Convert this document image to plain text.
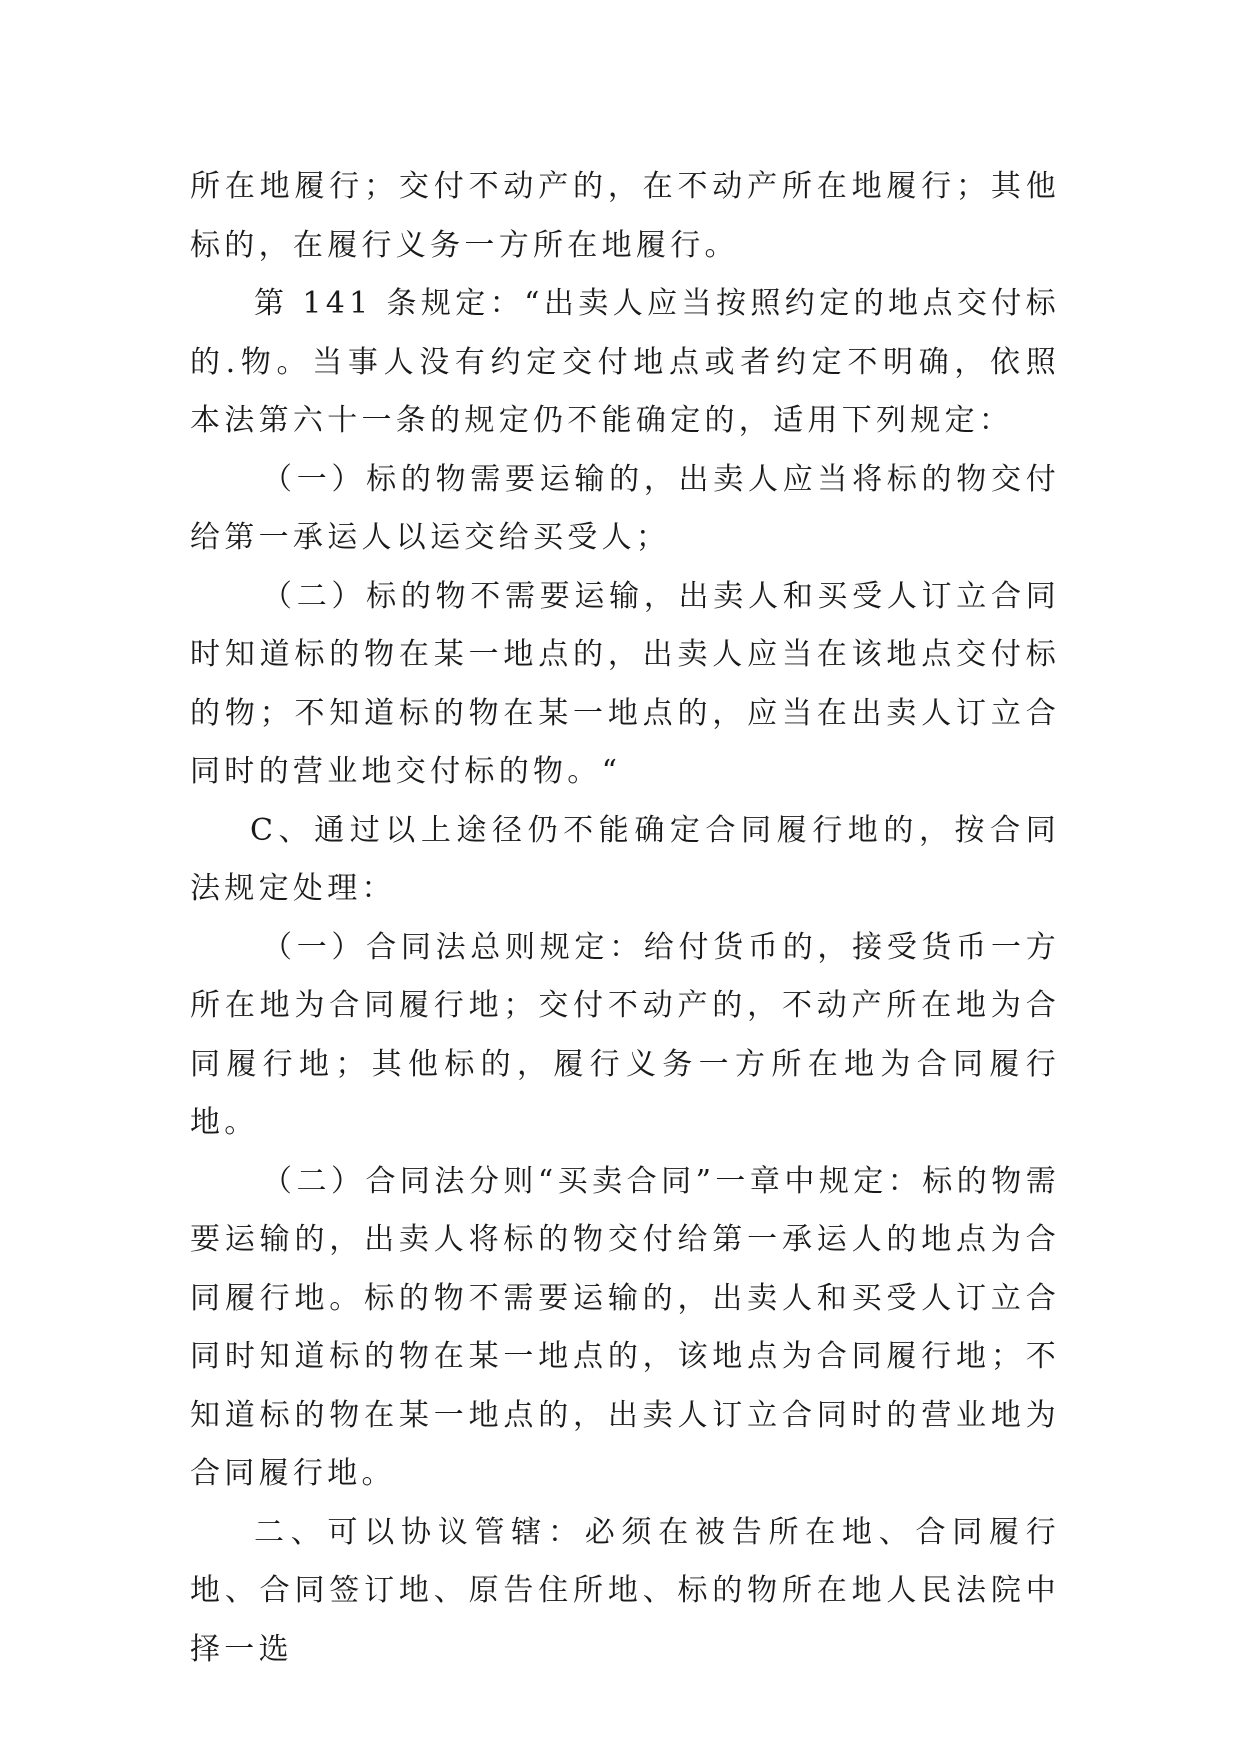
所在地履行；交付不动产的，在不动产所在地履行；其他标的，在履行义务一方所在地履行。

第 141 条规定：“出卖人应当按照约定的地点交付标的.物。当事人没有约定交付地点或者约定不明确，依照本法第六十一条的规定仍不能确定的，适用下列规定：

（一）标的物需要运输的，出卖人应当将标的物交付给第一承运人以运交给买受人；

（二）标的物不需要运输，出卖人和买受人订立合同时知道标的物在某一地点的，出卖人应当在该地点交付标的物；不知道标的物在某一地点的，应当在出卖人订立合同时的营业地交付标的物。“

C、通过以上途径仍不能确定合同履行地的，按合同法规定处理：

（一）合同法总则规定：给付货币的，接受货币一方所在地为合同履行地；交付不动产的，不动产所在地为合同履行地；其他标的，履行义务一方所在地为合同履行地。

（二）合同法分则“买卖合同”一章中规定：标的物需要运输的，出卖人将标的物交付给第一承运人的地点为合同履行地。标的物不需要运输的，出卖人和买受人订立合同时知道标的物在某一地点的，该地点为合同履行地；不知道标的物在某一地点的，出卖人订立合同时的营业地为合同履行地。

二、可以协议管辖：必须在被告所在地、合同履行地、合同签订地、原告住所地、标的物所在地人民法院中择一选
